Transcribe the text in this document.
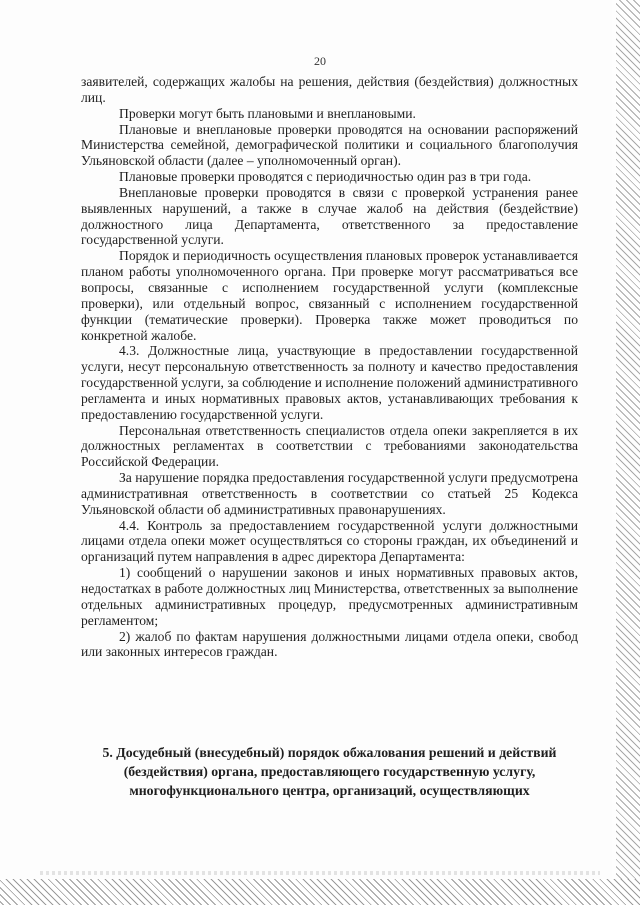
20

заявителей, содержащих жалобы на решения, действия (бездействия) должностных лиц.

Проверки могут быть плановыми и внеплановыми.

Плановые и внеплановые проверки проводятся на основании распоряжений Министерства семейной, демографической политики и социального благополучия Ульяновской области (далее – уполномоченный орган).

Плановые проверки проводятся с периодичностью один раз в три года.

Внеплановые проверки проводятся в связи с проверкой устранения ранее выявленных нарушений, а также в случае жалоб на действия (бездействие) должностного лица Департамента, ответственного за предоставление государственной услуги.

Порядок и периодичность осуществления плановых проверок устанавливается планом работы уполномоченного органа. При проверке могут рассматриваться все вопросы, связанные с исполнением государственной услуги (комплексные проверки), или отдельный вопрос, связанный с исполнением государственной функции (тематические проверки). Проверка также может проводиться по конкретной жалобе.

4.3. Должностные лица, участвующие в предоставлении государственной услуги, несут персональную ответственность за полноту и качество предоставления государственной услуги, за соблюдение и исполнение положений административного регламента и иных нормативных правовых актов, устанавливающих требования к предоставлению государственной услуги.

Персональная ответственность специалистов отдела опеки закрепляется в их должностных регламентах в соответствии с требованиями законодательства Российской Федерации.

За нарушение порядка предоставления государственной услуги предусмотрена административная ответственность в соответствии со статьей 25 Кодекса Ульяновской области об административных правонарушениях.

4.4. Контроль за предоставлением государственной услуги должностными лицами отдела опеки может осуществляться со стороны граждан, их объединений и организаций путем направления в адрес директора Департамента:

1) сообщений о нарушении законов и иных нормативных правовых актов, недостатках в работе должностных лиц Министерства, ответственных за выполнение отдельных административных процедур, предусмотренных административным регламентом;

2) жалоб по фактам нарушения должностными лицами отдела опеки, свобод или законных интересов граждан.

5. Досудебный (внесудебный) порядок обжалования решений и действий (бездействия) органа, предоставляющего государственную услугу, многофункционального центра, организаций, осуществляющих
